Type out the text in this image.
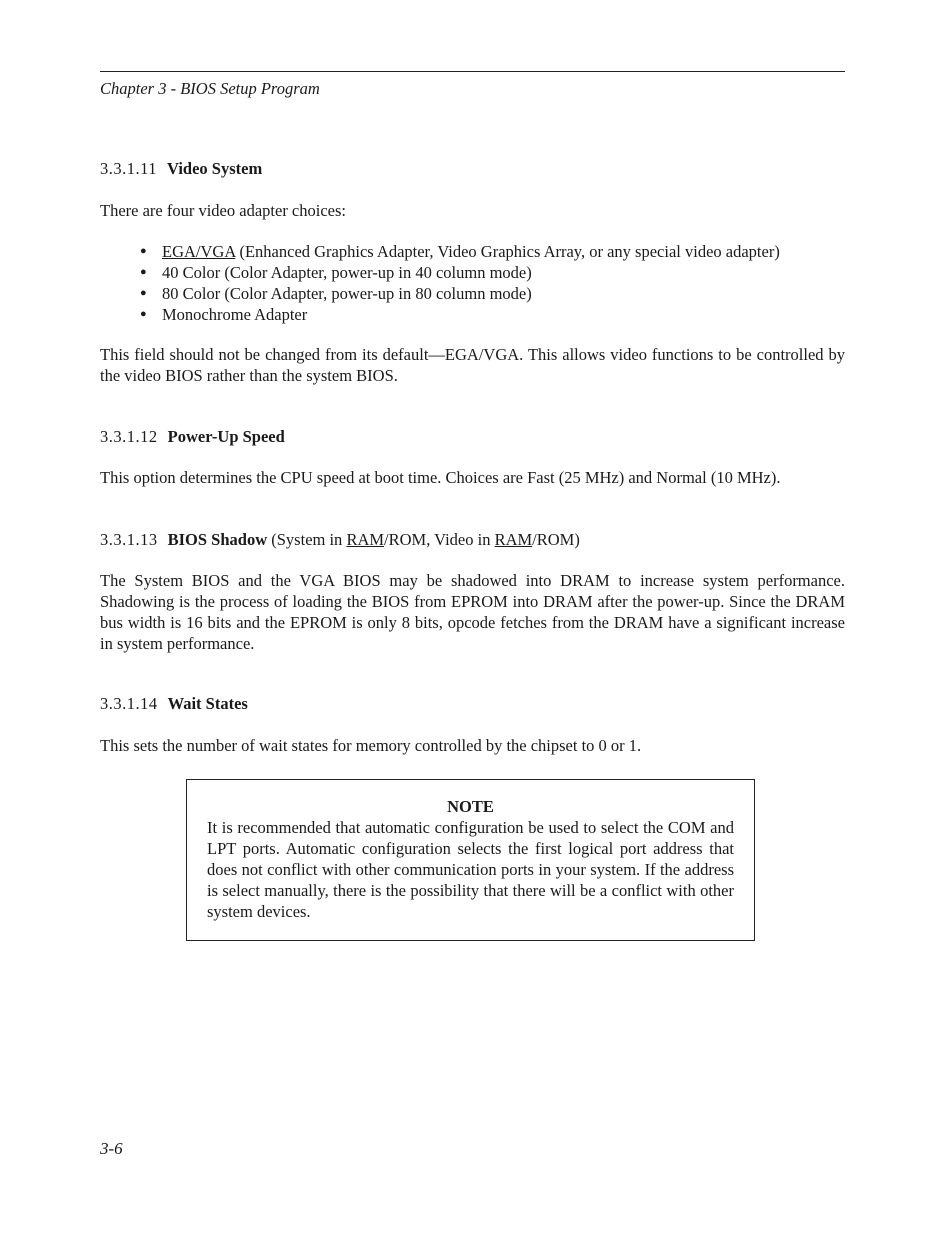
Chapter 3 - BIOS Setup Program
3.3.1.11 Video System
There are four video adapter choices:
● EGA/VGA (Enhanced Graphics Adapter, Video Graphics Array, or any special video adapter)
● 40 Color (Color Adapter, power-up in 40 column mode)
● 80 Color (Color Adapter, power-up in 80 column mode)
● Monochrome Adapter
This field should not be changed from its default—EGA/VGA. This allows video functions to be controlled by the video BIOS rather than the system BIOS.
3.3.1.12 Power-Up Speed
This option determines the CPU speed at boot time. Choices are Fast (25 MHz) and Normal (10 MHz).
3.3.1.13 BIOS Shadow (System in RAM/ROM, Video in RAM/ROM)
The System BIOS and the VGA BIOS may be shadowed into DRAM to increase system performance. Shadowing is the process of loading the BIOS from EPROM into DRAM after the power-up. Since the DRAM bus width is 16 bits and the EPROM is only 8 bits, opcode fetches from the DRAM have a significant increase in system performance.
3.3.1.14 Wait States
This sets the number of wait states for memory controlled by the chipset to 0 or 1.
NOTE
It is recommended that automatic configuration be used to select the COM and LPT ports. Automatic configuration selects the first logical port address that does not conflict with other communication ports in your system. If the address is select manually, there is the possibility that there will be a conflict with other system devices.
3-6
